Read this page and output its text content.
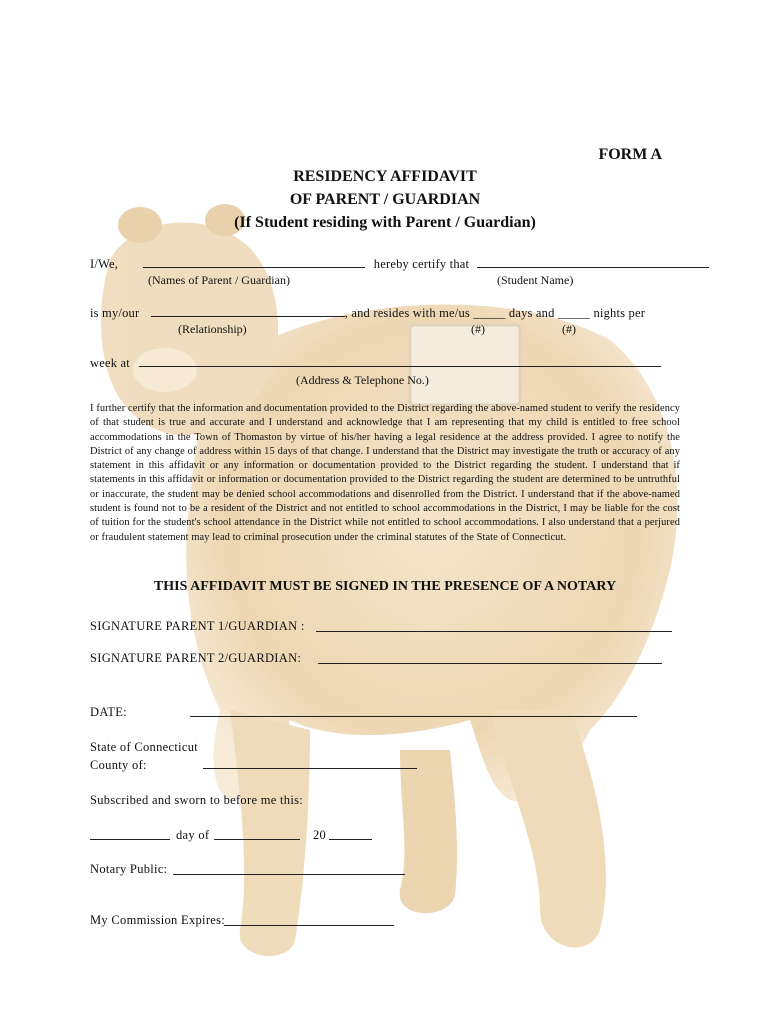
FORM A
RESIDENCY AFFIDAVIT
OF PARENT / GUARDIAN
(If Student residing with Parent / Guardian)
I/We,	hereby certify that
(Names of Parent / Guardian)	(Student Name)
is my/our	, and resides with me/us _____ days and _____ nights per
(Relationship)	(#)	(#)
week at
(Address & Telephone No.)
I further certify that the information and documentation provided to the District regarding the above-named student to verify the residency of that student is true and accurate and I understand and acknowledge that I am representing that my child is entitled to free school accommodations in the Town of Thomaston by virtue of his/her having a legal residence at the address provided. I agree to notify the District of any change of address within 15 days of that change. I understand that the District may investigate the truth or accuracy of any statement in this affidavit or any information or documentation provided to the District regarding the student. I understand that if statements in this affidavit or information or documentation provided to the District regarding the student are determined to be untruthful or inaccurate, the student may be denied school accommodations and disenrolled from the District. I understand that if the above-named student is found not to be a resident of the District and not entitled to school accommodations in the District, I may be liable for the cost of tuition for the student's school attendance in the District while not entitled to school accommodations. I also understand that a perjured or fraudulent statement may lead to criminal prosecution under the criminal statutes of the State of Connecticut.
THIS AFFIDAVIT MUST BE SIGNED IN THE PRESENCE OF A NOTARY
SIGNATURE PARENT 1/GUARDIAN :
SIGNATURE PARENT 2/GUARDIAN:
DATE:
State of Connecticut
County of:
Subscribed and sworn to before me this:
day of	20
Notary Public:
My Commission Expires:
